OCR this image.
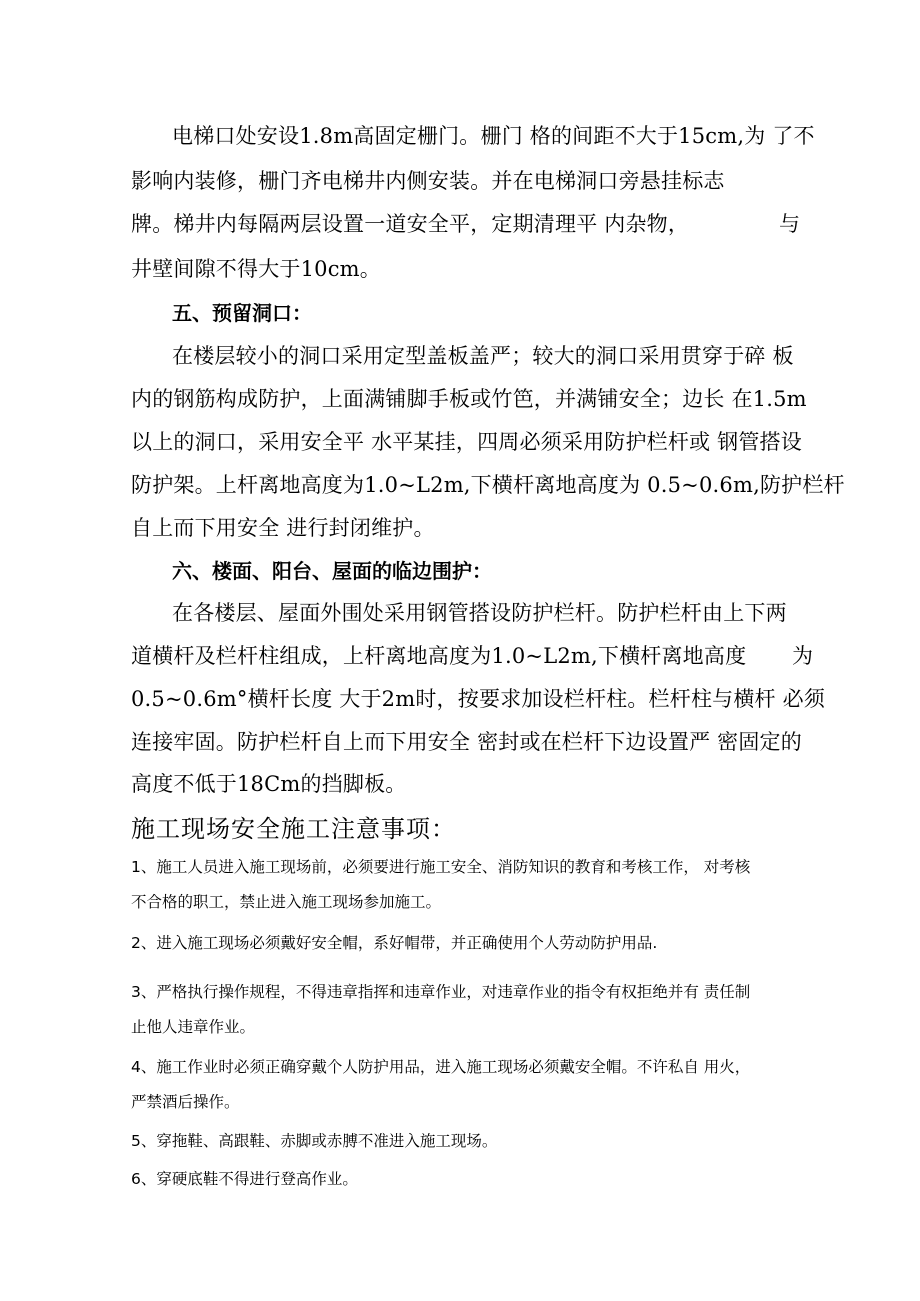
电梯口处安设1.8m高固定栅门。栅门 格的间距不大于15cm,为 了不

影响内装修，栅门齐电梯井内侧安装。并在电梯洞口旁悬挂标志

牌。梯井内每隔两层设置一道安全平，定期清理平 内杂物，	与

井壁间隙不得大于10cm。

五、预留洞口：

在楼层较小的洞口采用定型盖板盖严；较大的洞口采用贯穿于碎 板

内的钢筋构成防护，上面满铺脚手板或竹笆，并满铺安全；边长 在1.5m

以上的洞口，采用安全平 水平某挂，四周必须采用防护栏杆或 钢管搭设

防护架。上杆离地高度为1.0~L2m,下横杆离地高度为 0.5~0.6m,防护栏杆

自上而下用安全 进行封闭维护。

六、楼面、阳台、屋面的临边围护：

在各楼层、屋面外围处采用钢管搭设防护栏杆。防护栏杆由上下两

道横杆及栏杆柱组成，上杆离地高度为1.0~L2m,下横杆离地高度 为

0.5~0.6m°横杆长度 大于2m时，按要求加设栏杆柱。栏杆柱与横杆 必须

连接牢固。防护栏杆自上而下用安全 密封或在栏杆下边设置严 密固定的

高度不低于18Cm的挡脚板。

施工现场安全施工注意事项：

1、施工人员进入施工现场前，必须要进行施工安全、消防知识的教育和考核工作， 对考核

不合格的职工，禁止进入施工现场参加施工。

2、进入施工现场必须戴好安全帽，系好帽带，并正确使用个人劳动防护用品.

3、严格执行操作规程，不得违章指挥和违章作业，对违章作业的指令有权拒绝并有 责任制

止他人违章作业。

4、施工作业时必须正确穿戴个人防护用品，进入施工现场必须戴安全帽。不许私自 用火，

严禁酒后操作。

5、穿拖鞋、高跟鞋、赤脚或赤膊不准进入施工现场。

6、穿硬底鞋不得进行登高作业。
